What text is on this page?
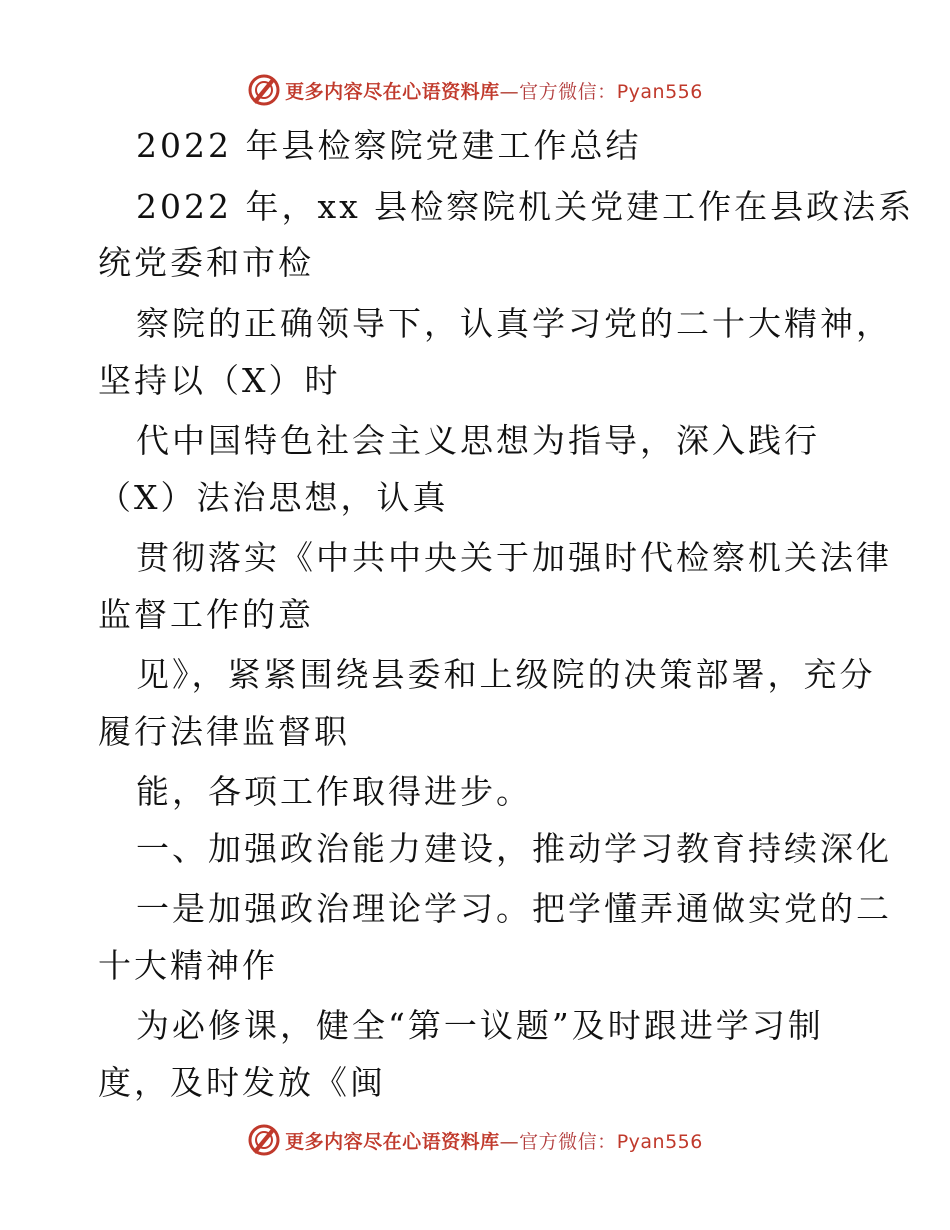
更多内容尽在心语资料库—官方微信：Pyan556
2022 年县检察院党建工作总结
2022 年，xx 县检察院机关党建工作在县政法系
统党委和市检
察院的正确领导下，认真学习党的二十大精神，
坚持以（X）时
代中国特色社会主义思想为指导，深入践行
（X）法治思想，认真
贯彻落实《中共中央关于加强时代检察机关法律
监督工作的意
见》，紧紧围绕县委和上级院的决策部署，充分
履行法律监督职
能，各项工作取得进步。
一、加强政治能力建设，推动学习教育持续深化
一是加强政治理论学习。把学懂弄通做实党的二
十大精神作
为必修课，健全“第一议题”及时跟进学习制
度，及时发放《闽
更多内容尽在心语资料库—官方微信：Pyan556
